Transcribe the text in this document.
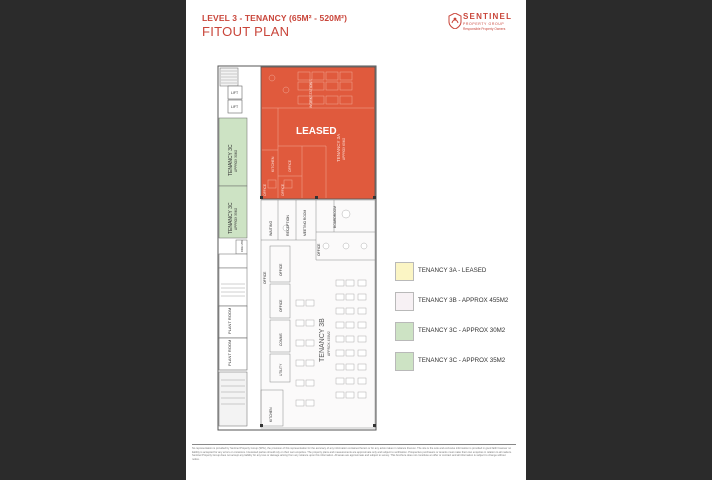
LEVEL 3 - TENANCY (65M² - 520M²)
FITOUT PLAN
SENTINEL
PROPERTY GROUP
Responsible Property Owners
LIFT
LIFT
TENANCY 3C APPROX 30M2
TENANCY 3C APPROX 35M2
FIRE HYD
PLANT ROOM
PLANT ROOM
WORKSTATIONS
KITCHEN	OFFICE
OFFICE
OFFICE
TENANCY 3A APPROX 65M2
LEASED
WAITING	RECEPTION	MEETING ROOM	BOARDROOM
OFFICE
OFFICE
OFFICE
OFFICE
TENANCY 3B APPROX 455M2
COMMS
UTILITY
KITCHEN
TENANCY 3A - LEASED
TENANCY 3B - APPROX 455M2
TENANCY 3C - APPROX 30M2
TENANCY 3C - APPROX 35M2
No representation is provided by Sentinel Property Group (SPG), the provision of this representation for the accuracy of any information contained herein or for any action taken in reliance thereon. The site is the sole and exclusive information is provided in good faith however no liability is accepted for any errors or omissions. Interested parties should rely on their own enquiries. The property plans and measurements are approximate only and subject to verification. Prospective purchasers or tenants must make their own enquiries in relation to all matters. Sentinel Property Group does not accept any liability for any loss or damage arising from any reliance upon this information. All areas are approximate and subject to survey. This brochure does not constitute an offer or contract and all information is subject to change without notice.
